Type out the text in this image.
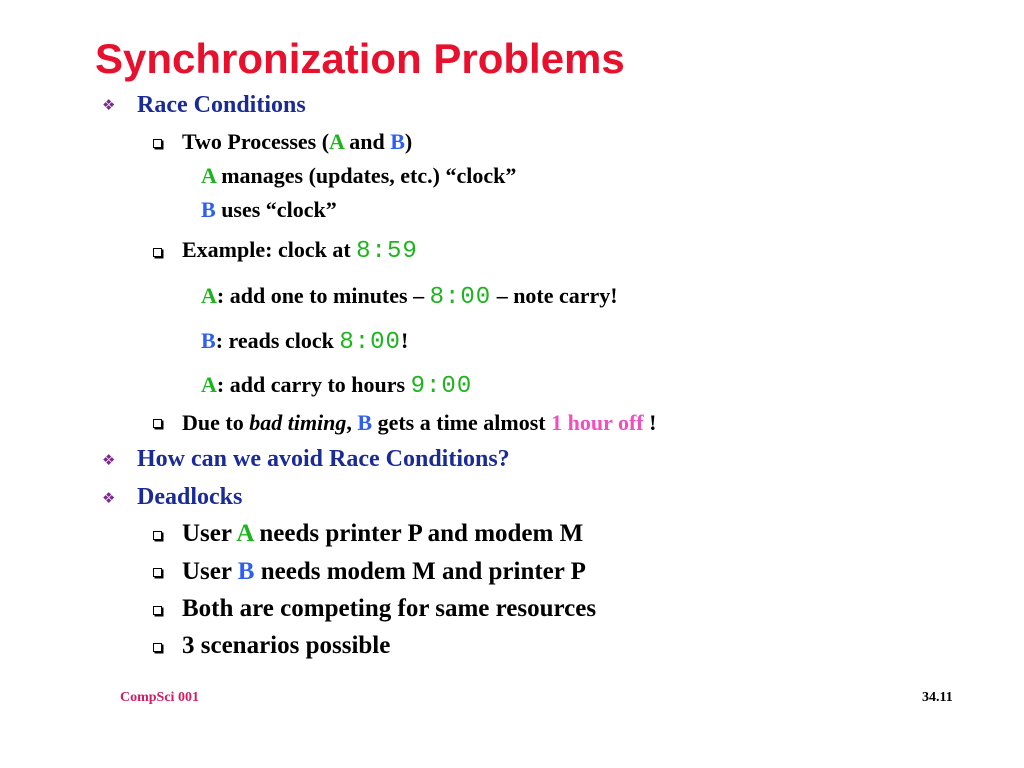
Synchronization Problems
❖ Race Conditions
Two Processes (A and B)
A manages (updates, etc.) “clock”
B uses “clock”
Example: clock at 8:59
A: add one to minutes – 8:00 – note carry!
B: reads clock 8:00!
A: add carry to hours 9:00
Due to bad timing, B gets a time almost 1 hour off !
❖ How can we avoid Race Conditions?
❖ Deadlocks
User A needs printer P and modem M
User B needs modem M and printer P
Both are competing for same resources
3 scenarios possible
CompSci 001	34.11
